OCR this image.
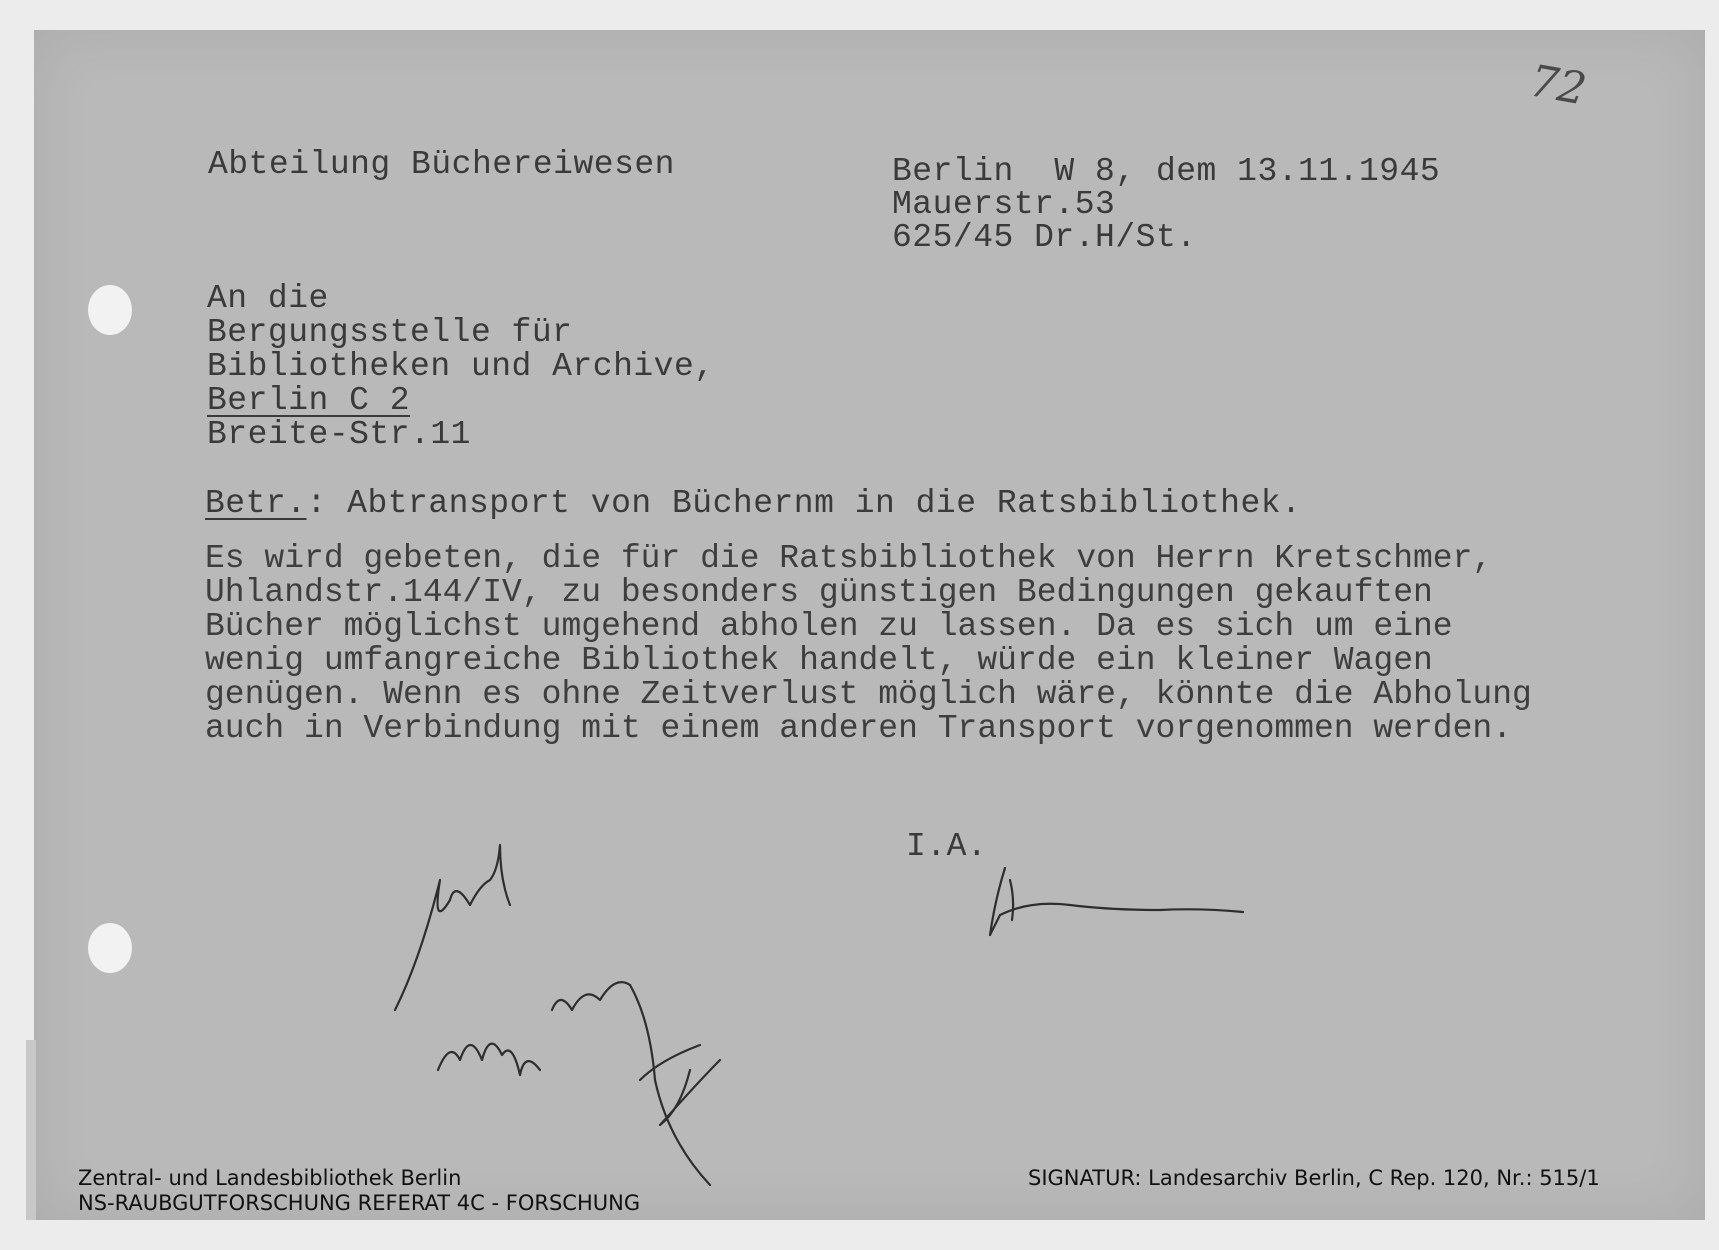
72
Abteilung Büchereiwesen	Berlin  W 8, dem 13.11.1945
Mauerstr.53
625/45 Dr.H/St.
An die
Bergungsstelle für
Bibliotheken und Archive,
Berlin C 2
Breite-Str.11
Betr.: Abtransport von Büchernm in die Ratsbibliothek.
Es wird gebeten, die für die Ratsbibliothek von Herrn Kretschmer,
Uhlandstr.144/IV, zu besonders günstigen Bedingungen gekauften
Bücher möglichst umgehend abholen zu lassen. Da es sich um eine
wenig umfangreiche Bibliothek handelt, würde ein kleiner Wagen
genügen. Wenn es ohne Zeitverlust möglich wäre, könnte die Abholung
auch in Verbindung mit einem anderen Transport vorgenommen werden.
I.A.
Zentral- und Landesbibliothek Berlin
NS-RAUBGUTFORSCHUNG REFERAT 4C - FORSCHUNG
SIGNATUR: Landesarchiv Berlin, C Rep. 120, Nr.: 515/1
